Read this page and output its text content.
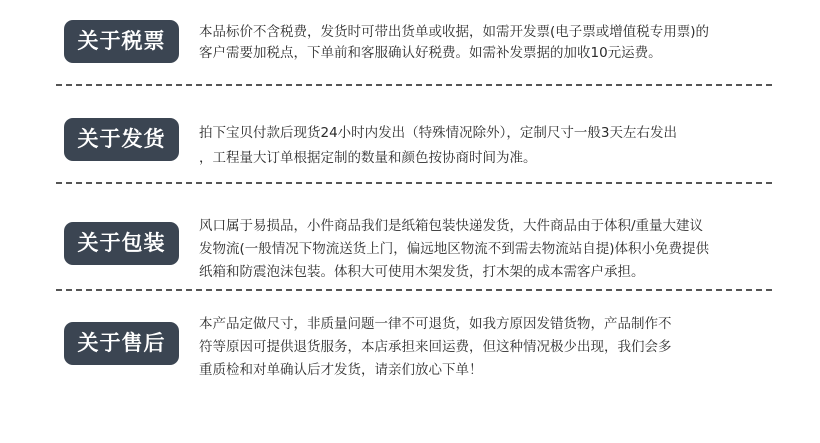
关于税票	本品标价不含税费，发货时可带出货单或收据，如需开发票(电子票或增值税专用票)的
客户需要加税点，下单前和客服确认好税费。如需补发票据的加收10元运费。
关于发货	拍下宝贝付款后现货24小时内发出（特殊情况除外），定制尺寸一般3天左右发出
，工程量大订单根据定制的数量和颜色按协商时间为准。
关于包装
风口属于易损品，小件商品我们是纸箱包装快递发货，大件商品由于体积/重量大建议
发物流(一般情况下物流送货上门，偏远地区物流不到需去物流站自提)体积小免费提供
纸箱和防震泡沫包装。体积大可使用木架发货，打木架的成本需客户承担。
关于售后
本产品定做尺寸，非质量问题一律不可退货，如我方原因发错货物，产品制作不
符等原因可提供退货服务，本店承担来回运费，但这种情况极少出现，我们会多
重质检和对单确认后才发货，请亲们放心下单！
